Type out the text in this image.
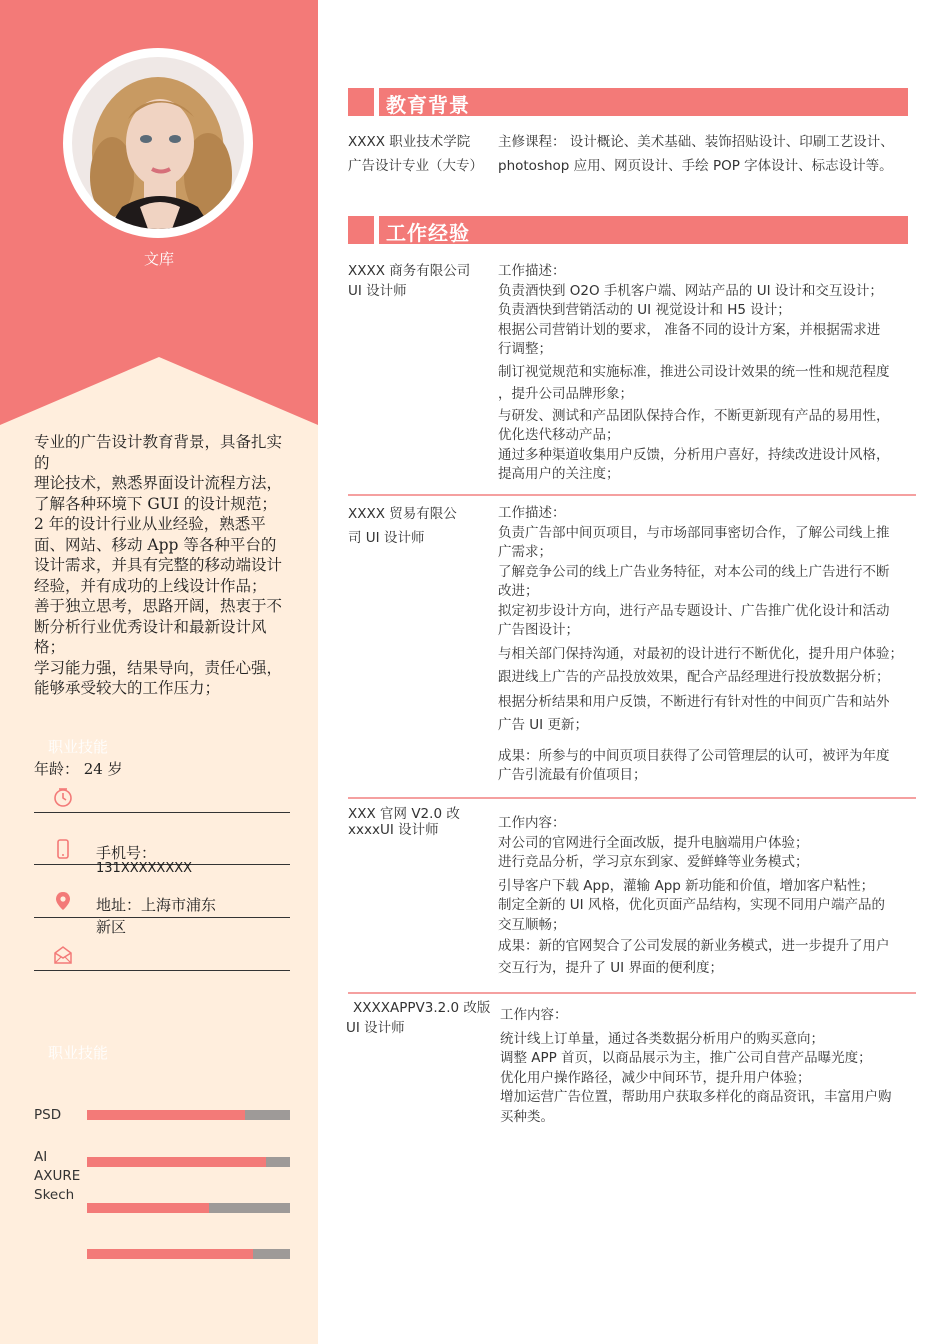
文库

专业的广告设计教育背景，具备扎实的

理论技术，熟悉界面设计流程方法，了解各种环境下 GUI 的设计规范； 2 年的设计行业从业经验，熟悉平面、网站、移动 App 等各种平台的设计需求，并具有完整的移动端设计经验，并有成功的上线设计作品；

善于独立思考，思路开阔，热衷于不断分析行业优秀设计和最新设计风格；

学习能力强，结果导向，责任心强，能够承受较大的工作压力；

职业技能
年龄： 24 岁
手机号：
131XXXXXXXX
地址：上海市浦东
新区
职业技能
PSD
AI
AXURE
Skech
教育背景

XXXX 职业技术学院

广告设计专业（大专）

主修课程： 设计概论、美术基础、装饰招贴设计、印刷工艺设计、

photoshop 应用、网页设计、手绘 POP 字体设计、标志设计等。

工作经验

XXXX 商务有限公司

UI 设计师

工作描述：

负责酒快到 O2O 手机客户端、网站产品的 UI 设计和交互设计；

负责酒快到营销活动的 UI 视觉设计和 H5 设计；

根据公司营销计划的要求， 准备不同的设计方案，并根据需求进

行调整；

制订视觉规范和实施标准，推进公司设计效果的统一性和规范程度

，提升公司品牌形象；

与研发、测试和产品团队保持合作，不断更新现有产品的易用性，

优化迭代移动产品；

通过多种渠道收集用户反馈，分析用户喜好，持续改进设计风格，

提高用户的关注度；

XXXX 贸易有限公

司 UI 设计师

工作描述：

负责广告部中间页项目，与市场部同事密切合作，了解公司线上推

广需求；

了解竞争公司的线上广告业务特征，对本公司的线上广告进行不断

改进；

拟定初步设计方向，进行产品专题设计、广告推广优化设计和活动

广告图设计；

与相关部门保持沟通，对最初的设计进行不断优化，提升用户体验；

跟进线上广告的产品投放效果，配合产品经理进行投放数据分析；

根据分析结果和用户反馈，不断进行有针对性的中间页广告和站外

广告 UI 更新；

成果：所参与的中间页项目获得了公司管理层的认可，被评为年度

广告引流最有价值项目；

XXX 官网 V2.0 改

xxxxUI 设计师	工作内容：

对公司的官网进行全面改版，提升电脑端用户体验；

进行竞品分析，学习京东到家、爱鲜蜂等业务模式；

引导客户下载 App，灌输 App 新功能和价值，增加客户粘性；

制定全新的 UI 风格，优化页面产品结构，实现不同用户端产品的

交互顺畅；

成果：新的官网契合了公司发展的新业务模式，进一步提升了用户

交互行为，提升了 UI 界面的便利度；

XXXXAPPV3.2.0 改版

UI 设计师

工作内容：

统计线上订单量，通过各类数据分析用户的购买意向；

调整 APP 首页，以商品展示为主，推广公司自营产品曝光度；

优化用户操作路径，减少中间环节，提升用户体验；

增加运营广告位置，帮助用户获取多样化的商品资讯，丰富用户购

买种类。
